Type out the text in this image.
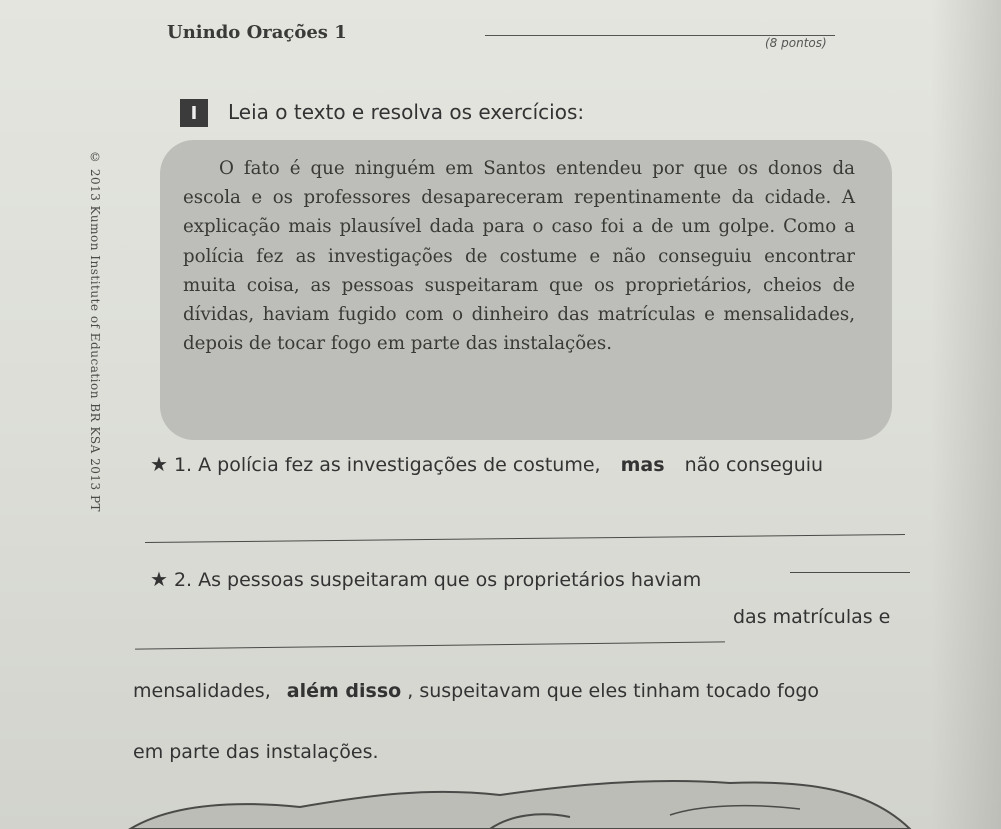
Unindo Orações 1	(8 pontos)
I	Leia o texto e resolva os exercícios:

O fato é que ninguém em Santos entendeu por que os donos da escola e os professores desapareceram repentinamente da cidade. A explicação mais plausível dada para o caso foi a de um golpe. Como a polícia fez as investigações de costume e não conseguiu encontrar muita coisa, as pessoas suspeitaram que os proprietários, cheios de dívidas, haviam fugido com o dinheiro das matrículas e mensalidades, depois de tocar fogo em parte das instalações.

© 2013 Kumon Institute of Education BR KSA 2013 PT ★ 1. A polícia fez as investigações de costume, mas não conseguiu
★ 2. As pessoas suspeitaram que os proprietários haviam
das matrículas e
mensalidades, além disso , suspeitavam que eles tinham tocado fogo
em parte das instalações.
